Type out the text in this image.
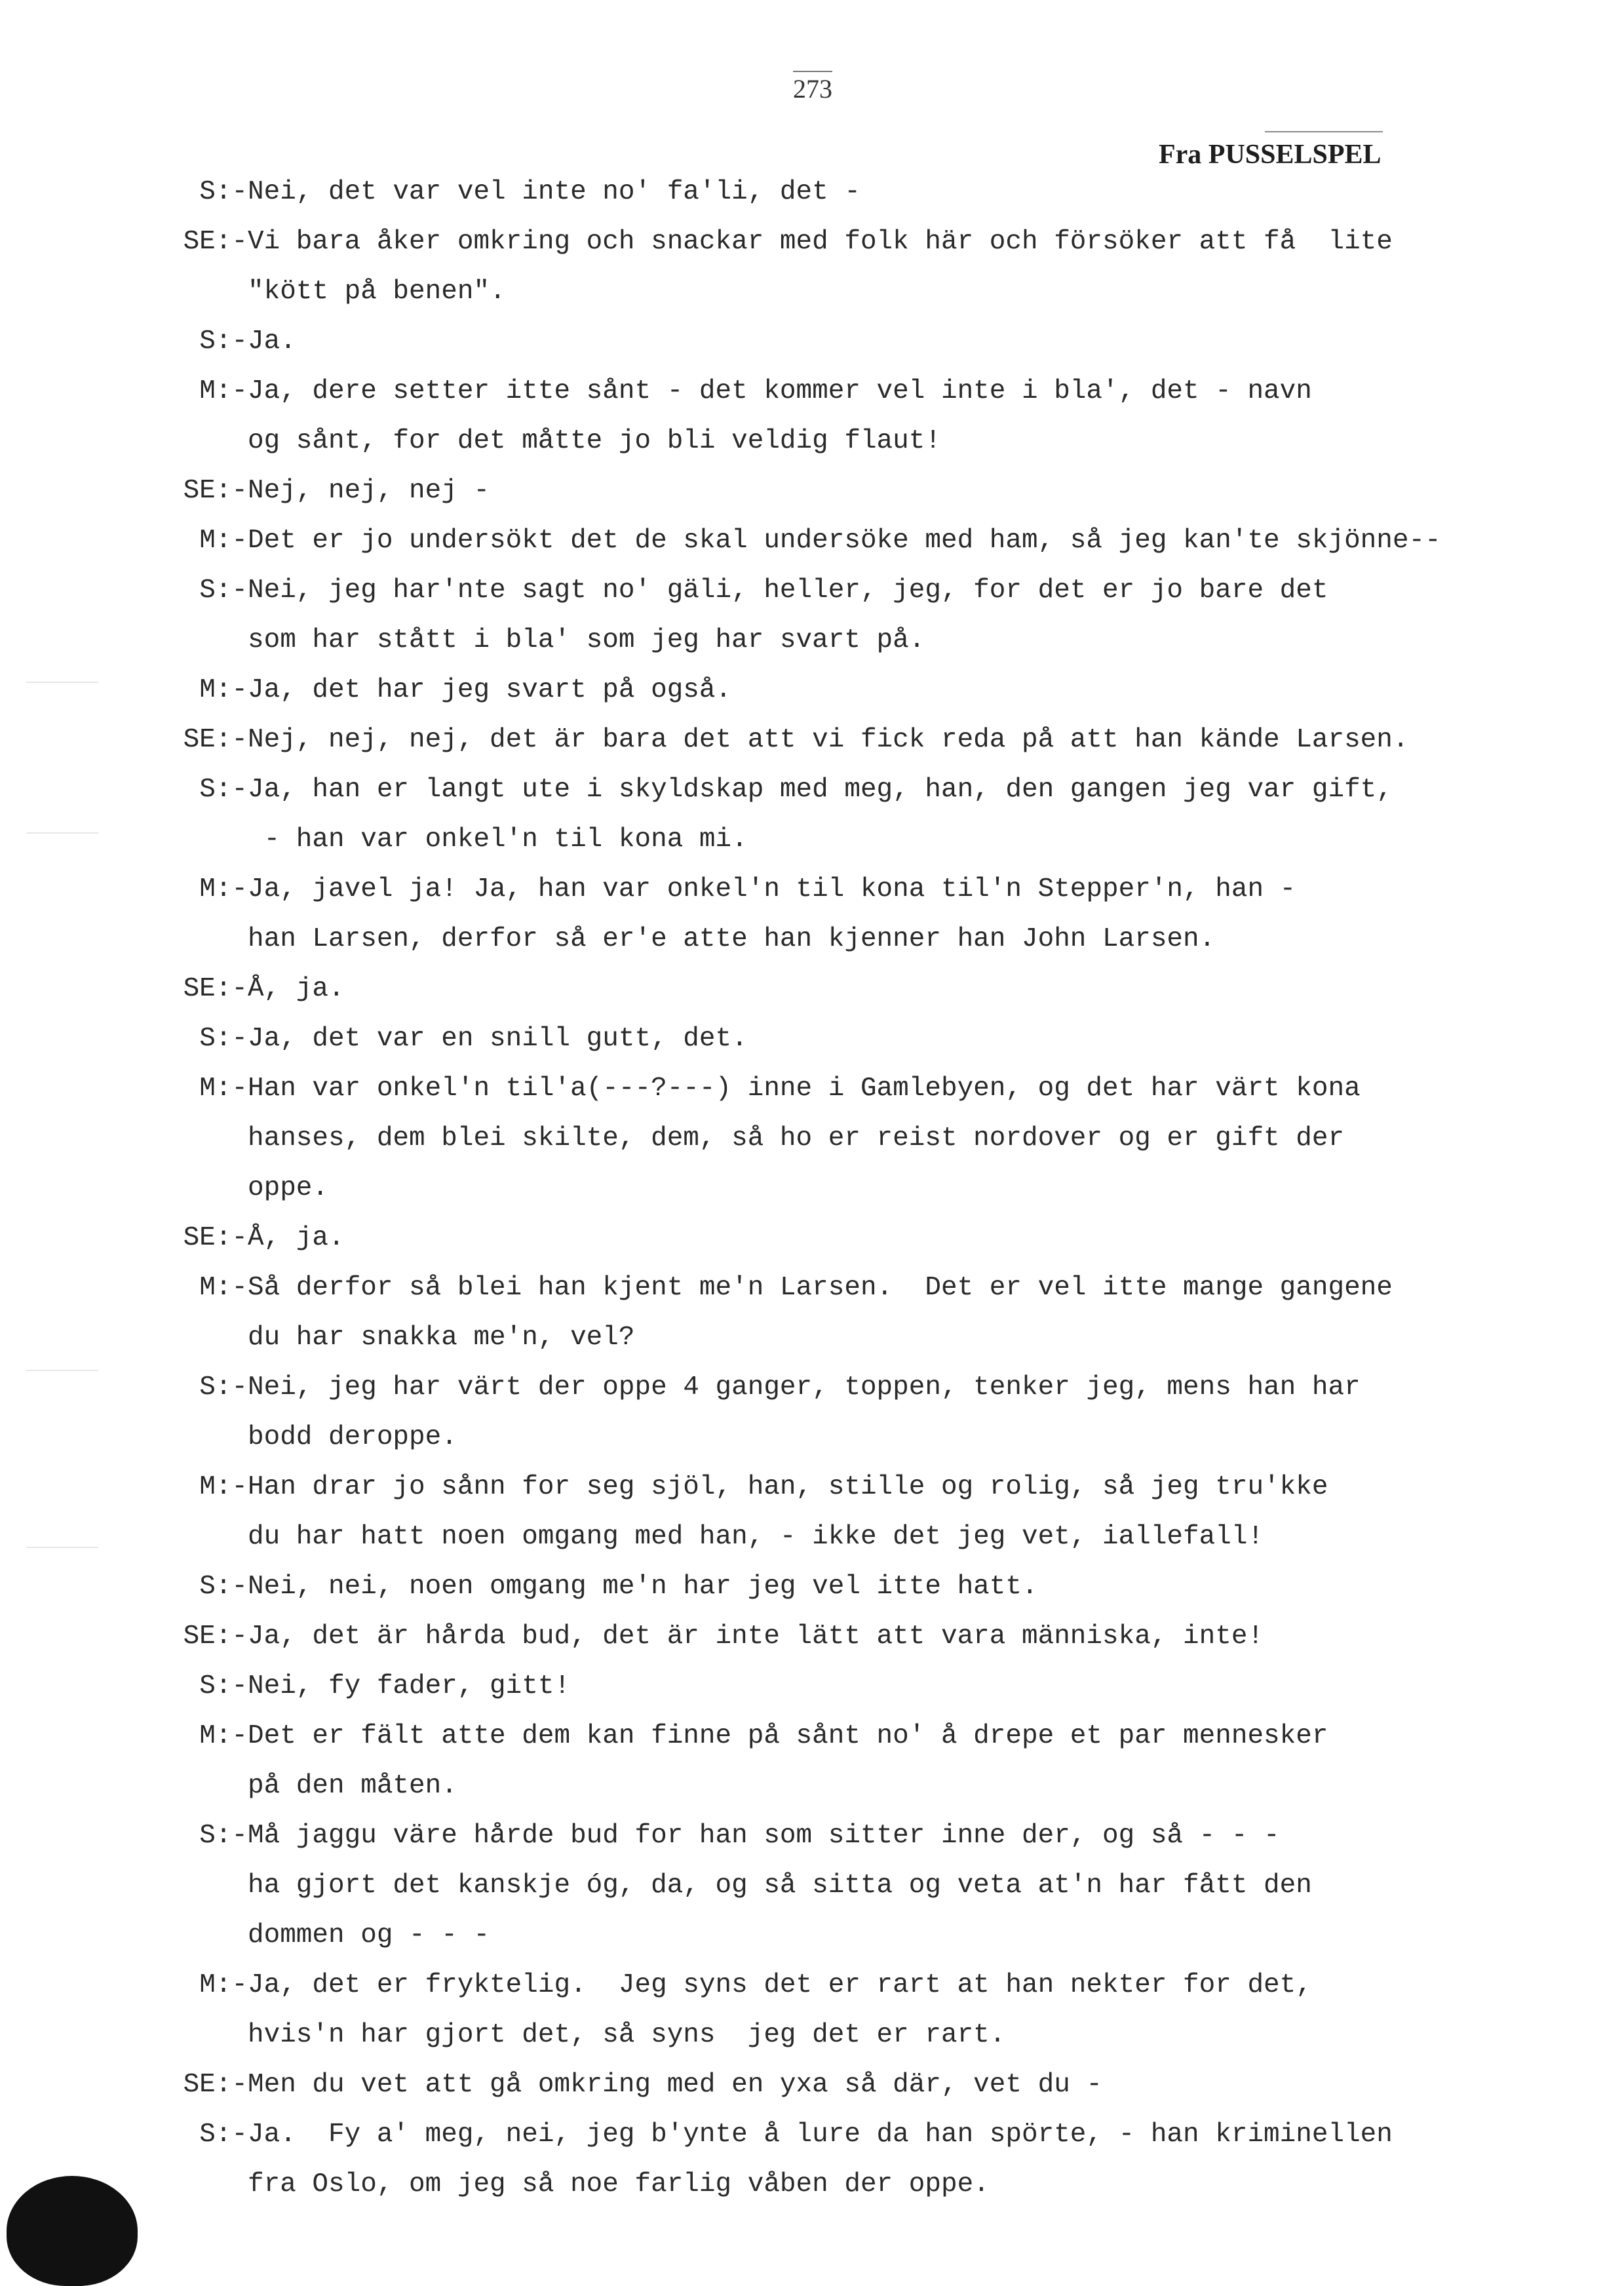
273
Fra PUSSELSPEL
S:- Nei, det var vel inte no' fa'li, det -
SE:- Vi bara åker omkring och snackar med folk här och försöker att få  lite
"kött på benen".
S:- Ja.
M:- Ja, dere setter itte sånt - det kommer vel inte i bla', det - navn
og sånt, for det måtte jo bli veldig flaut!
SE:- Nej, nej, nej -
M:- Det er jo undersökt det de skal undersöke med ham, så jeg kan'te skjönne--
S:- Nei, jeg har'nte sagt no' gäli, heller, jeg, for det er jo bare det
som har stått i bla' som jeg har svart på.
M:- Ja, det har jeg svart på også.
SE:- Nej, nej, nej, det är bara det att vi fick reda på att han kände Larsen.
S:- Ja, han er langt ute i skyldskap med meg, han, den gangen jeg var gift,
- han var onkel'n til kona mi.
M:- Ja, javel ja! Ja, han var onkel'n til kona til'n Stepper'n, han -
han Larsen, derfor så er'e atte han kjenner han John Larsen.
SE:- Å, ja.
S:- Ja, det var en snill gutt, det.
M:- Han var onkel'n til'a(---?---) inne i Gamlebyen, og det har värt kona
hanses, dem blei skilte, dem, så ho er reist nordover og er gift der
oppe.
SE:- Å, ja.
M:- Så derfor så blei han kjent me'n Larsen.  Det er vel itte mange gangene
du har snakka me'n, vel?
S:- Nei, jeg har värt der oppe 4 ganger, toppen, tenker jeg, mens han har
bodd deroppe.
M:- Han drar jo sånn for seg sjöl, han, stille og rolig, så jeg tru'kke
du har hatt noen omgang med han, - ikke det jeg vet, iallefall!
S:- Nei, nei, noen omgang me'n har jeg vel itte hatt.
SE:- Ja, det är hårda bud, det är inte lätt att vara människa, inte!
S:- Nei, fy fader, gitt!
M:- Det er fält atte dem kan finne på sånt no' å drepe et par mennesker
på den måten.
S:- Må jaggu väre hårde bud for han som sitter inne der, og så - - -
ha gjort det kanskje óg, da, og så sitta og veta at'n har fått den
dommen og - - -
M:- Ja, det er fryktelig.  Jeg syns det er rart at han nekter for det,
hvis'n har gjort det, så syns  jeg det er rart.
SE:- Men du vet att gå omkring med en yxa så där, vet du -
S:- Ja.  Fy a' meg, nei, jeg b'ynte å lure da han spörte, - han kriminellen
fra Oslo, om jeg så noe farlig våben der oppe.
